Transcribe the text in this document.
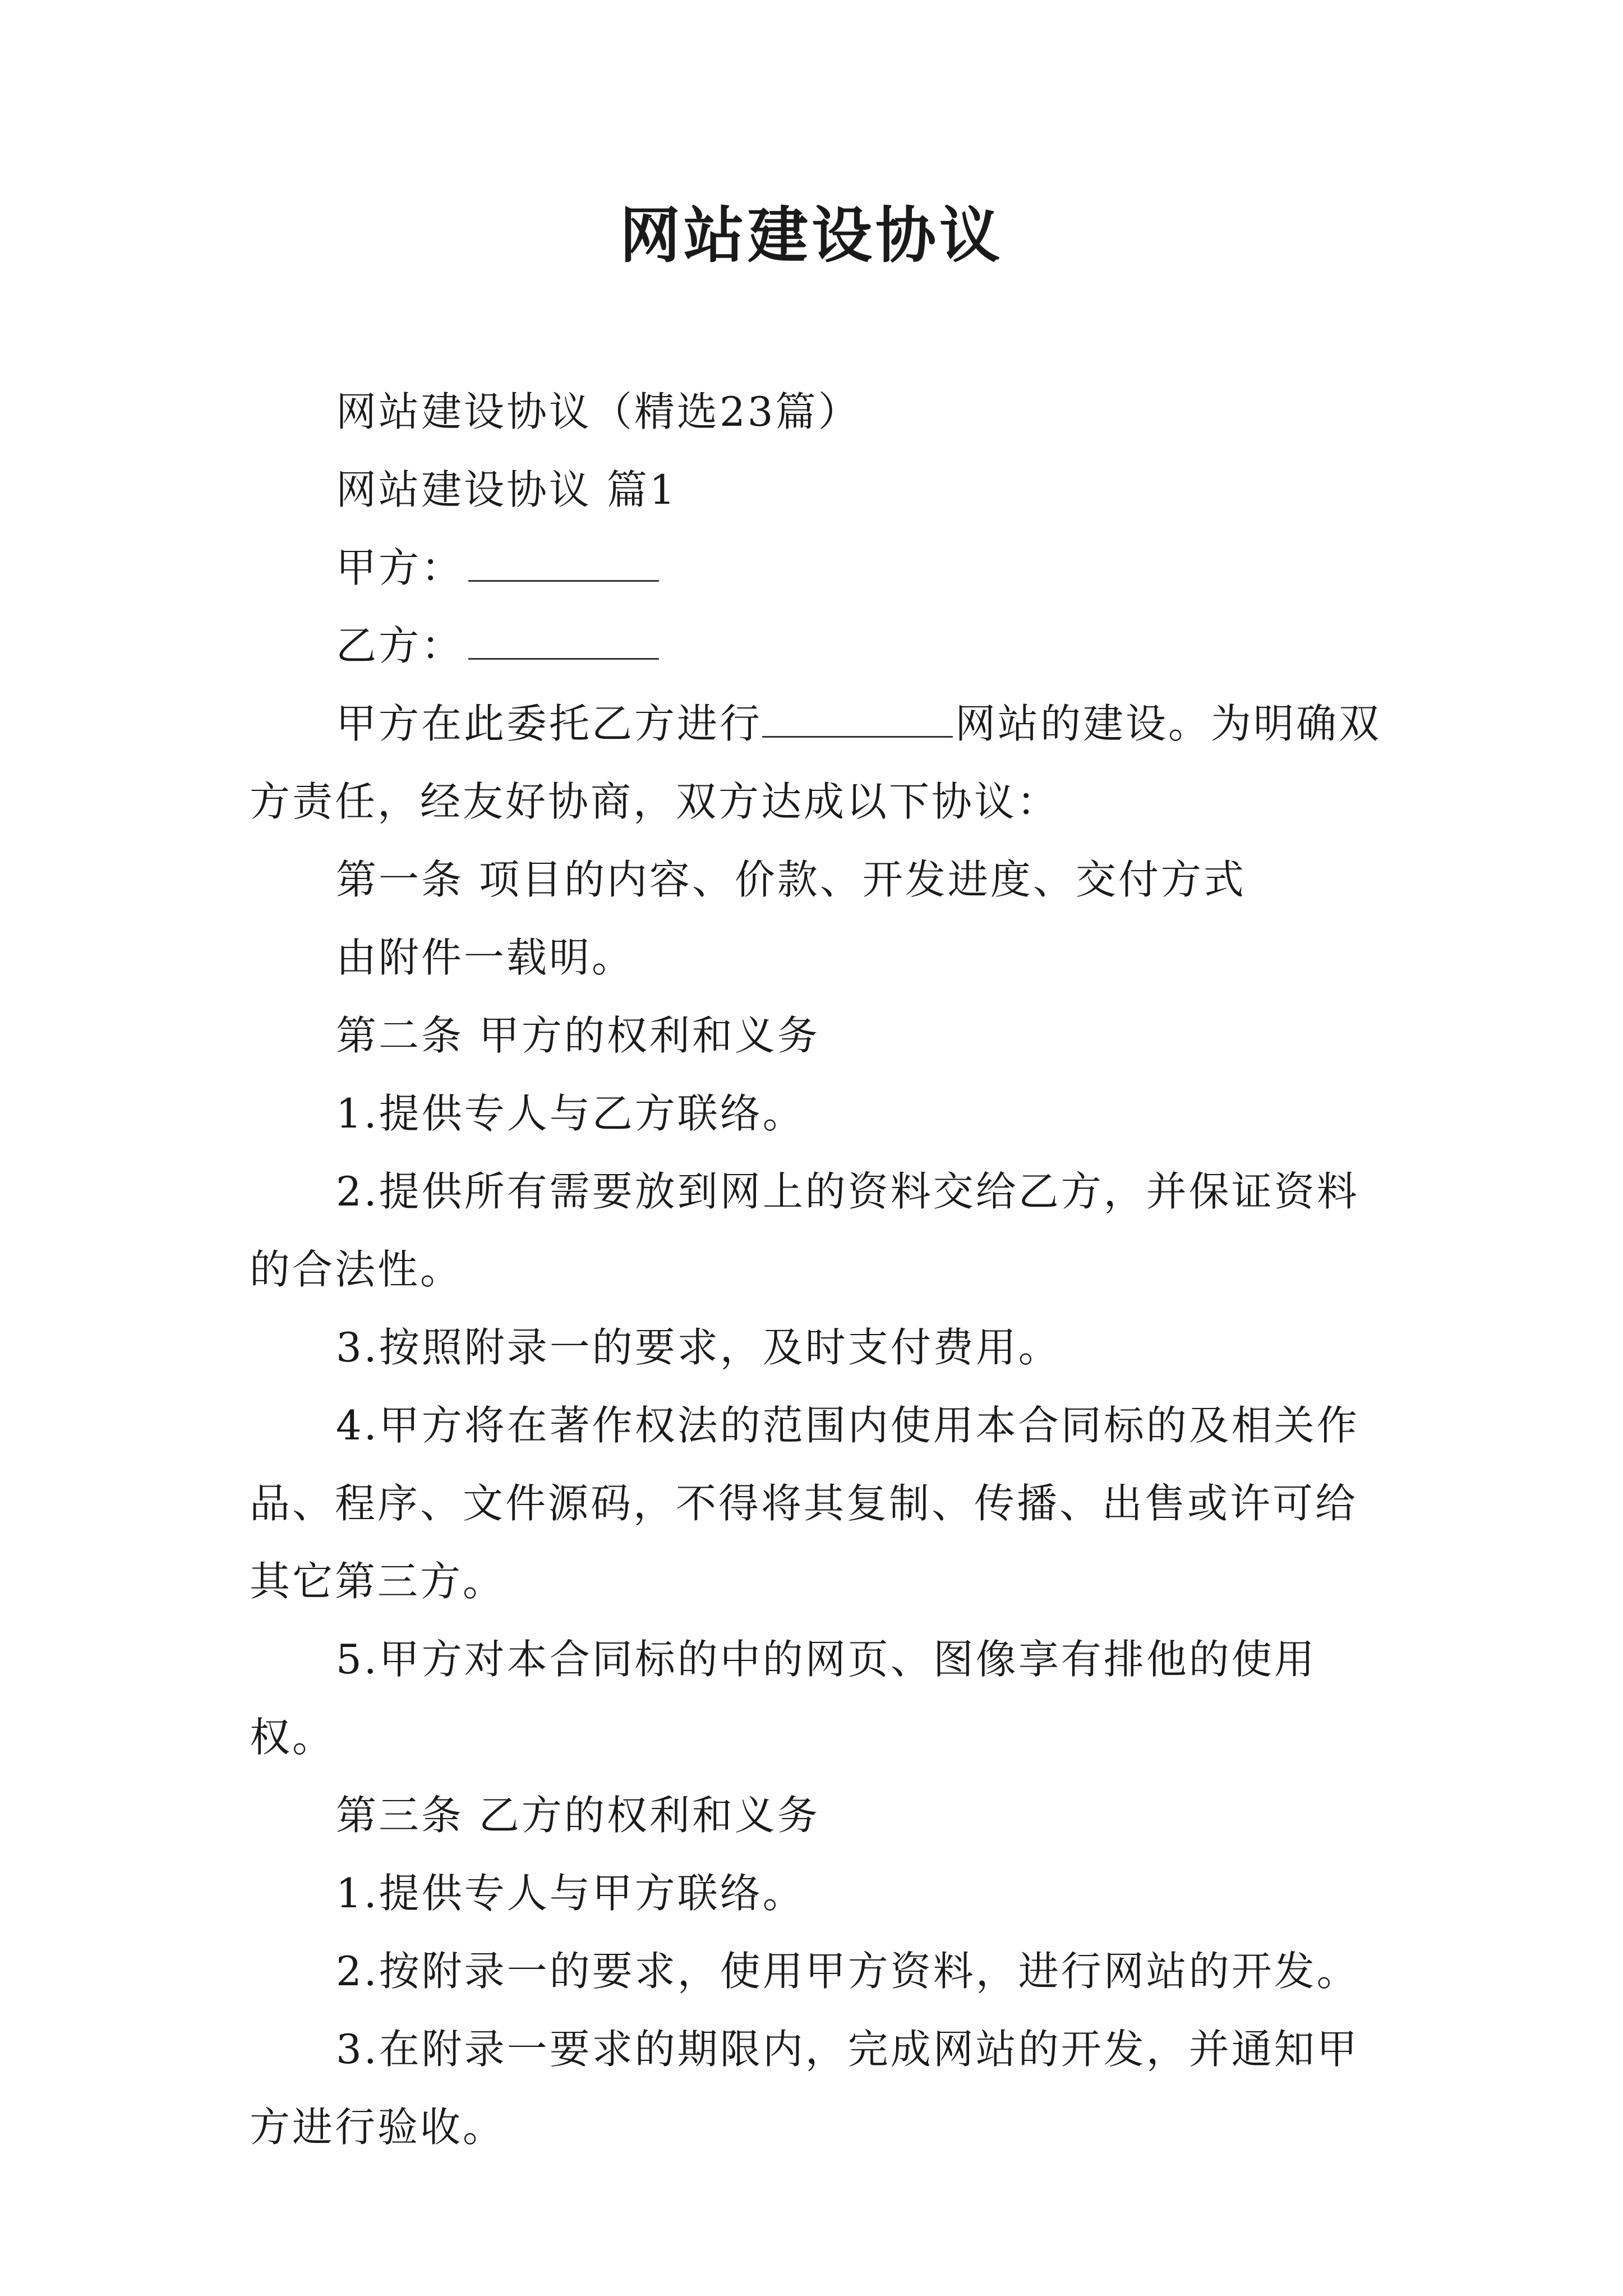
网站建设协议

网站建设协议（精选23篇）

网站建设协议 篇1

甲方：

乙方：

甲方在此委托乙方进行	网站的建设。为明确双方责任，经友好协商，双方达成以下协议：

第一条 项目的内容、价款、开发进度、交付方式

由附件一载明。

第二条 甲方的权利和义务

1.提供专人与乙方联络。

2.提供所有需要放到网上的资料交给乙方，并保证资料的合法性。

3.按照附录一的要求，及时支付费用。

4.甲方将在著作权法的范围内使用本合同标的及相关作品、程序、文件源码，不得将其复制、传播、出售或许可给其它第三方。

5.甲方对本合同标的中的网页、图像享有排他的使用权。

第三条 乙方的权利和义务

1.提供专人与甲方联络。

2.按附录一的要求，使用甲方资料，进行网站的开发。

3.在附录一要求的期限内，完成网站的开发，并通知甲方进行验收。
